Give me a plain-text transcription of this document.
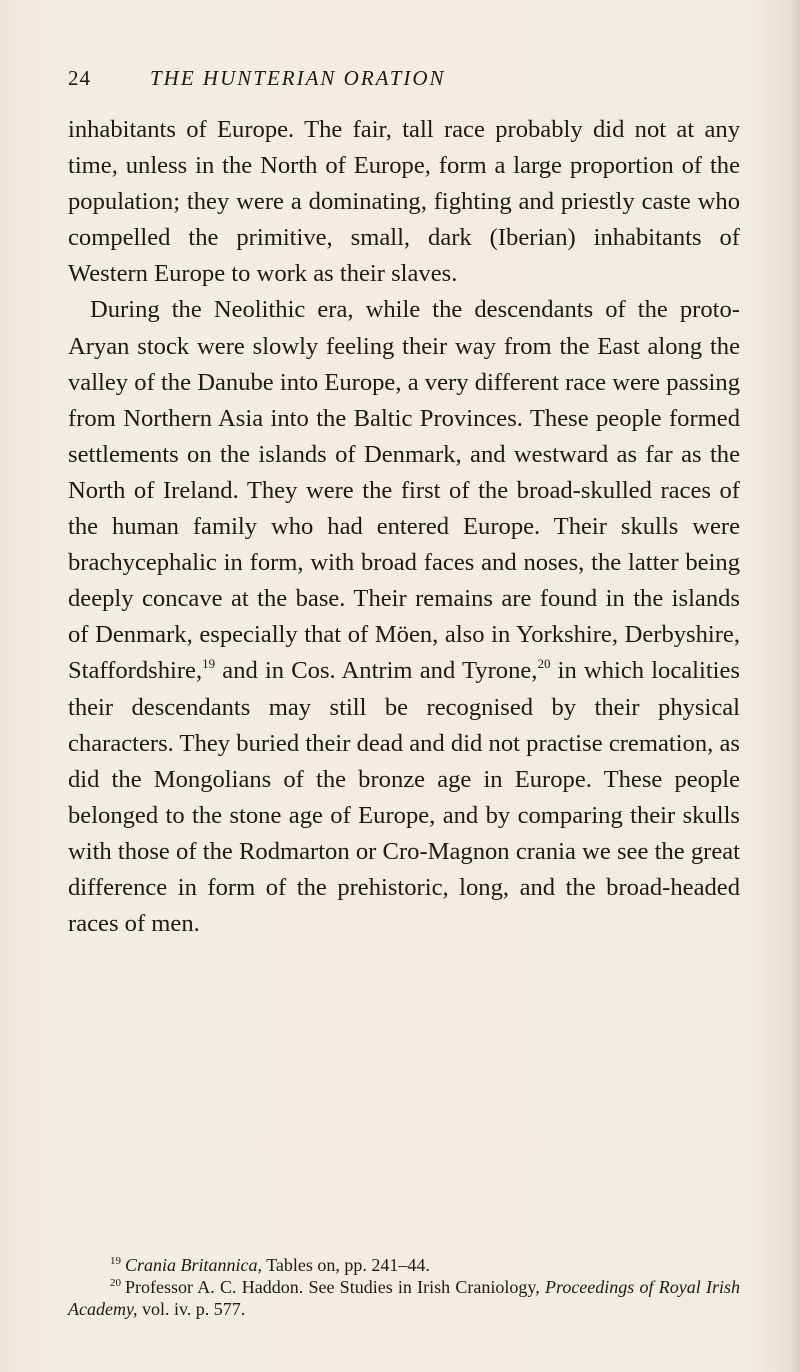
24	THE HUNTERIAN ORATION

inhabitants of Europe. The fair, tall race probably did not at any time, unless in the North of Europe, form a large proportion of the population; they were a dominating, fighting and priestly caste who compelled the primitive, small, dark (Iberian) inhabitants of Western Europe to work as their slaves.

During the Neolithic era, while the descendants of the proto-Aryan stock were slowly feeling their way from the East along the valley of the Danube into Europe, a very different race were passing from Northern Asia into the Baltic Provinces. These people formed settlements on the islands of Denmark, and westward as far as the North of Ireland. They were the first of the broad-skulled races of the human family who had entered Europe. Their skulls were brachycephalic in form, with broad faces and noses, the latter being deeply concave at the base. Their remains are found in the islands of Denmark, especially that of Möen, also in Yorkshire, Derbyshire, Staffordshire,$^{19}$ and in Cos. Antrim and Tyrone,$^{20}$ in which localities their descendants may still be recognised by their physical characters. They buried their dead and did not practise cremation, as did the Mongolians of the bronze age in Europe. These people belonged to the stone age of Europe, and by comparing their skulls with those of the Rodmarton or Cro-Magnon crania we see the great difference in form of the prehistoric, long, and the broad-headed races of men.

$^{19}$ Crania Britannica, Tables on, pp. 241–44.

$^{20}$ Professor A. C. Haddon. See Studies in Irish Craniology, Proceedings of Royal Irish Academy, vol. iv. p. 577.
